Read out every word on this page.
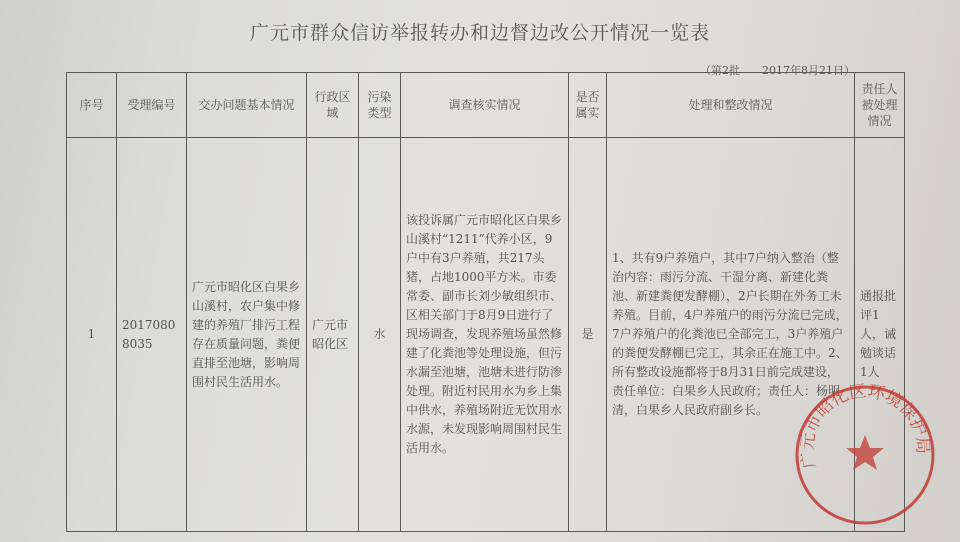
广元市群众信访举报转办和边督边改公开情况一览表
（第2批　　2017年8月21日）
序号	受理编号	交办问题基本情况	行政区域	污染类型	调查核实情况	是否属实	处理和整改情况	责任人被处理情况
1	20170808035	广元市昭化区白果乡山溪村，农户集中修建的养殖厂排污工程存在质量问题，粪便直排至池塘，影响周围村民生活用水。	广元市昭化区	水	该投诉属广元市昭化区白果乡山溪村“1211”代养小区，9户中有3户养殖，共217头猪，占地1000平方米。市委常委、副市长刘少敏组织市、区相关部门于8月9日进行了现场调查，发现养殖场虽然修建了化粪池等处理设施，但污水漏至池塘，池塘未进行防渗处理。附近村民用水为乡上集中供水，养殖场附近无饮用水水源，未发现影响周围村民生活用水。	是	1、共有9户养殖户，其中7户纳入整治（整治内容：雨污分流、干湿分离、新建化粪池、新建粪便发酵棚），2户长期在外务工未养殖。目前，4户养殖户的雨污分流已完成，7户养殖户的化粪池已全部完工，3户养殖户的粪便发酵棚已完工，其余正在施工中。2、所有整改设施都将于8月31日前完成建设，责任单位：白果乡人民政府；责任人：杨明清，白果乡人民政府副乡长。	通报批评1人，诫勉谈话1人
广元市昭化区环境保护局
